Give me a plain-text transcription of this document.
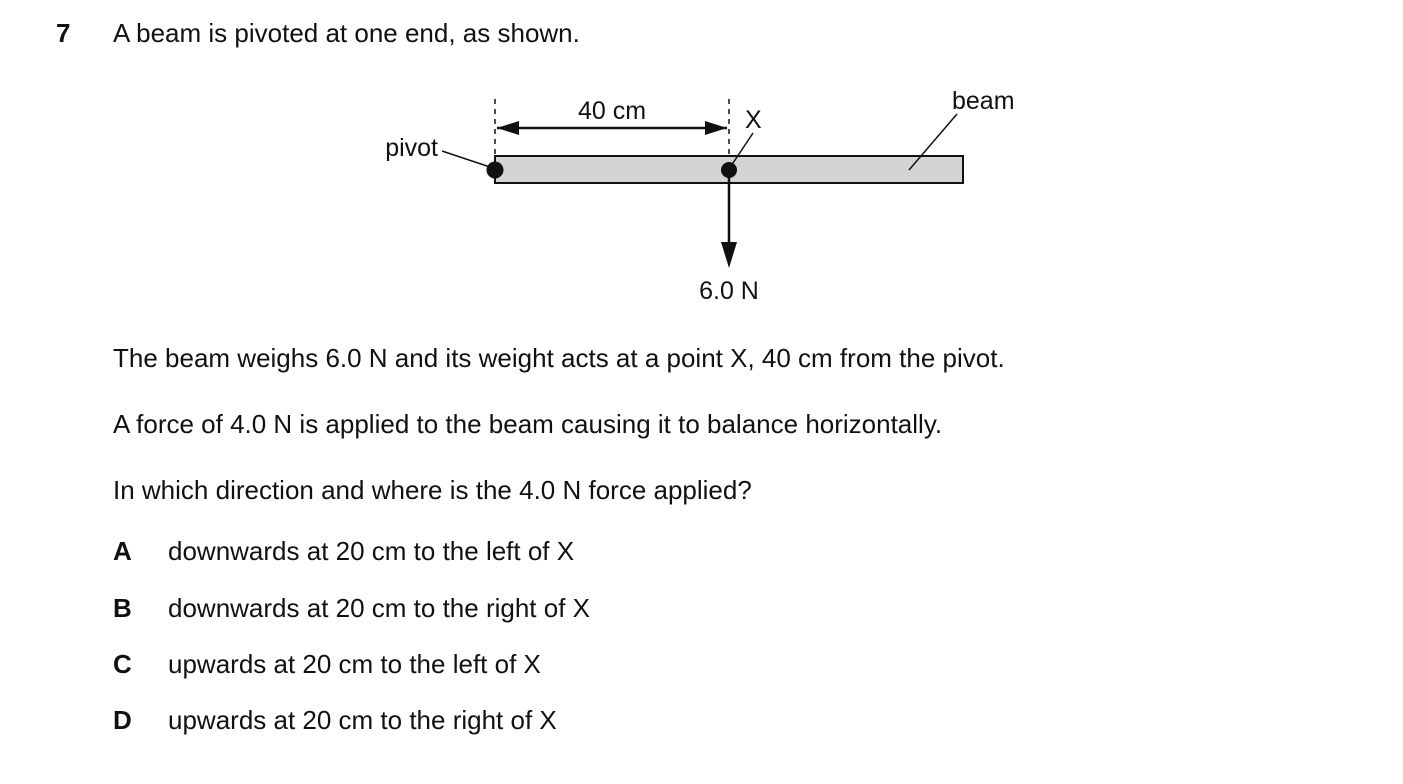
7 A beam is pivoted at one end, as shown.
40 cm
pivot
X
beam
6.0 N
The beam weighs 6.0 N and its weight acts at a point X, 40 cm from the pivot.
A force of 4.0 N is applied to the beam causing it to balance horizontally.
In which direction and where is the 4.0 N force applied?
A downwards at 20 cm to the left of X
B downwards at 20 cm to the right of X
C upwards at 20 cm to the left of X
D upwards at 20 cm to the right of X
